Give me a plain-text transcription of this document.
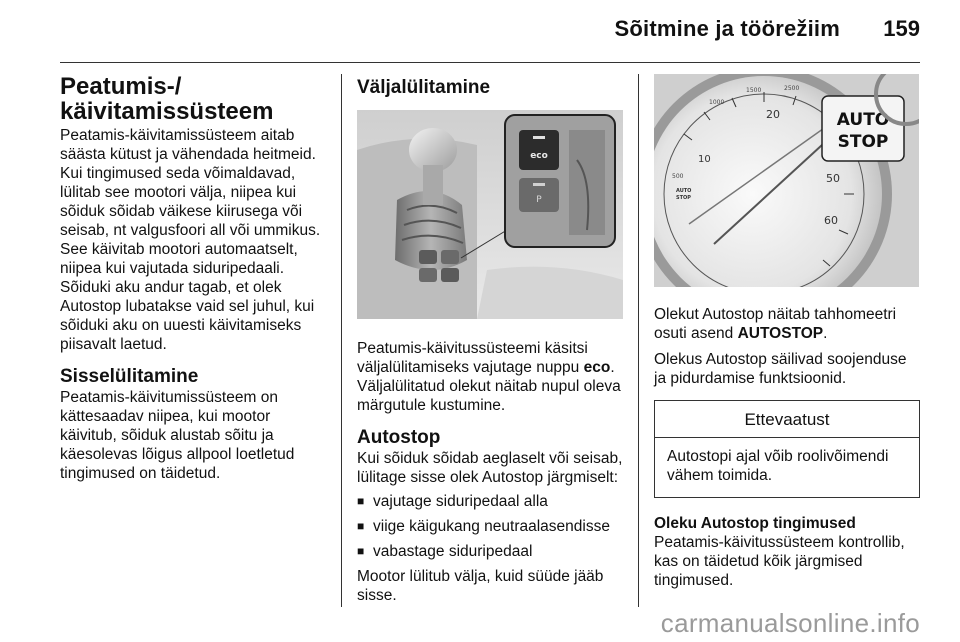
Sõitmine ja töörežiim 159
Peatumis-/ käivitamissüsteem

Peatamis-käivitamissüsteem aitab säästa kütust ja vähendada heitmeid. Kui tingimused seda võimaldavad, lülitab see mootori välja, niipea kui sõiduk sõidab väikese kiirusega või seisab, nt valgusfoori all või ummikus. See käivitab mootori automaatselt, niipea kui vajutada siduripedaali. Sõiduki aku andur tagab, et olek Autostop lubatakse vaid sel juhul, kui sõiduki aku on uuesti käivitamiseks piisavalt laetud.

Sisselülitamine

Peatamis-käivitumissüsteem on kättesaadav niipea, kui mootor käivitub, sõiduk alustab sõitu ja käesolevas lõigus allpool loetletud tingimused on täidetud.

Väljalülitamine
eco
P

Peatumis-käivitussüsteemi käsitsi väljalülitamiseks vajutage nuppu eco. Väljalülitatud olekut näitab nupul oleva märgutule kustumine.

Autostop

Kui sõiduk sõidab aeglaselt või seisab, lülitage sisse olek Autostop järgmiselt:

■ vajutage siduripedaal alla
■ viige käigukang neutraalasendisse
■ vabastage siduripedaal

Mootor lülitub välja, kuid süüde jääb sisse.

10
20
50
60
500
1000
1500	2500
AUTO
STOP
AUTO
STOP

Olekut Autostop näitab tahhomeetri osuti asend AUTOSTOP.

Olekus Autostop säilivad soojenduse ja pidurdamise funktsioonid.

Ettevaatust
Autostopi ajal võib roolivõimendi vähem toimida.
Oleku Autostop tingimused

Peatamis-käivitussüsteem kontrollib, kas on täidetud kõik järgmised tingimused.

carmanualsonline.info
